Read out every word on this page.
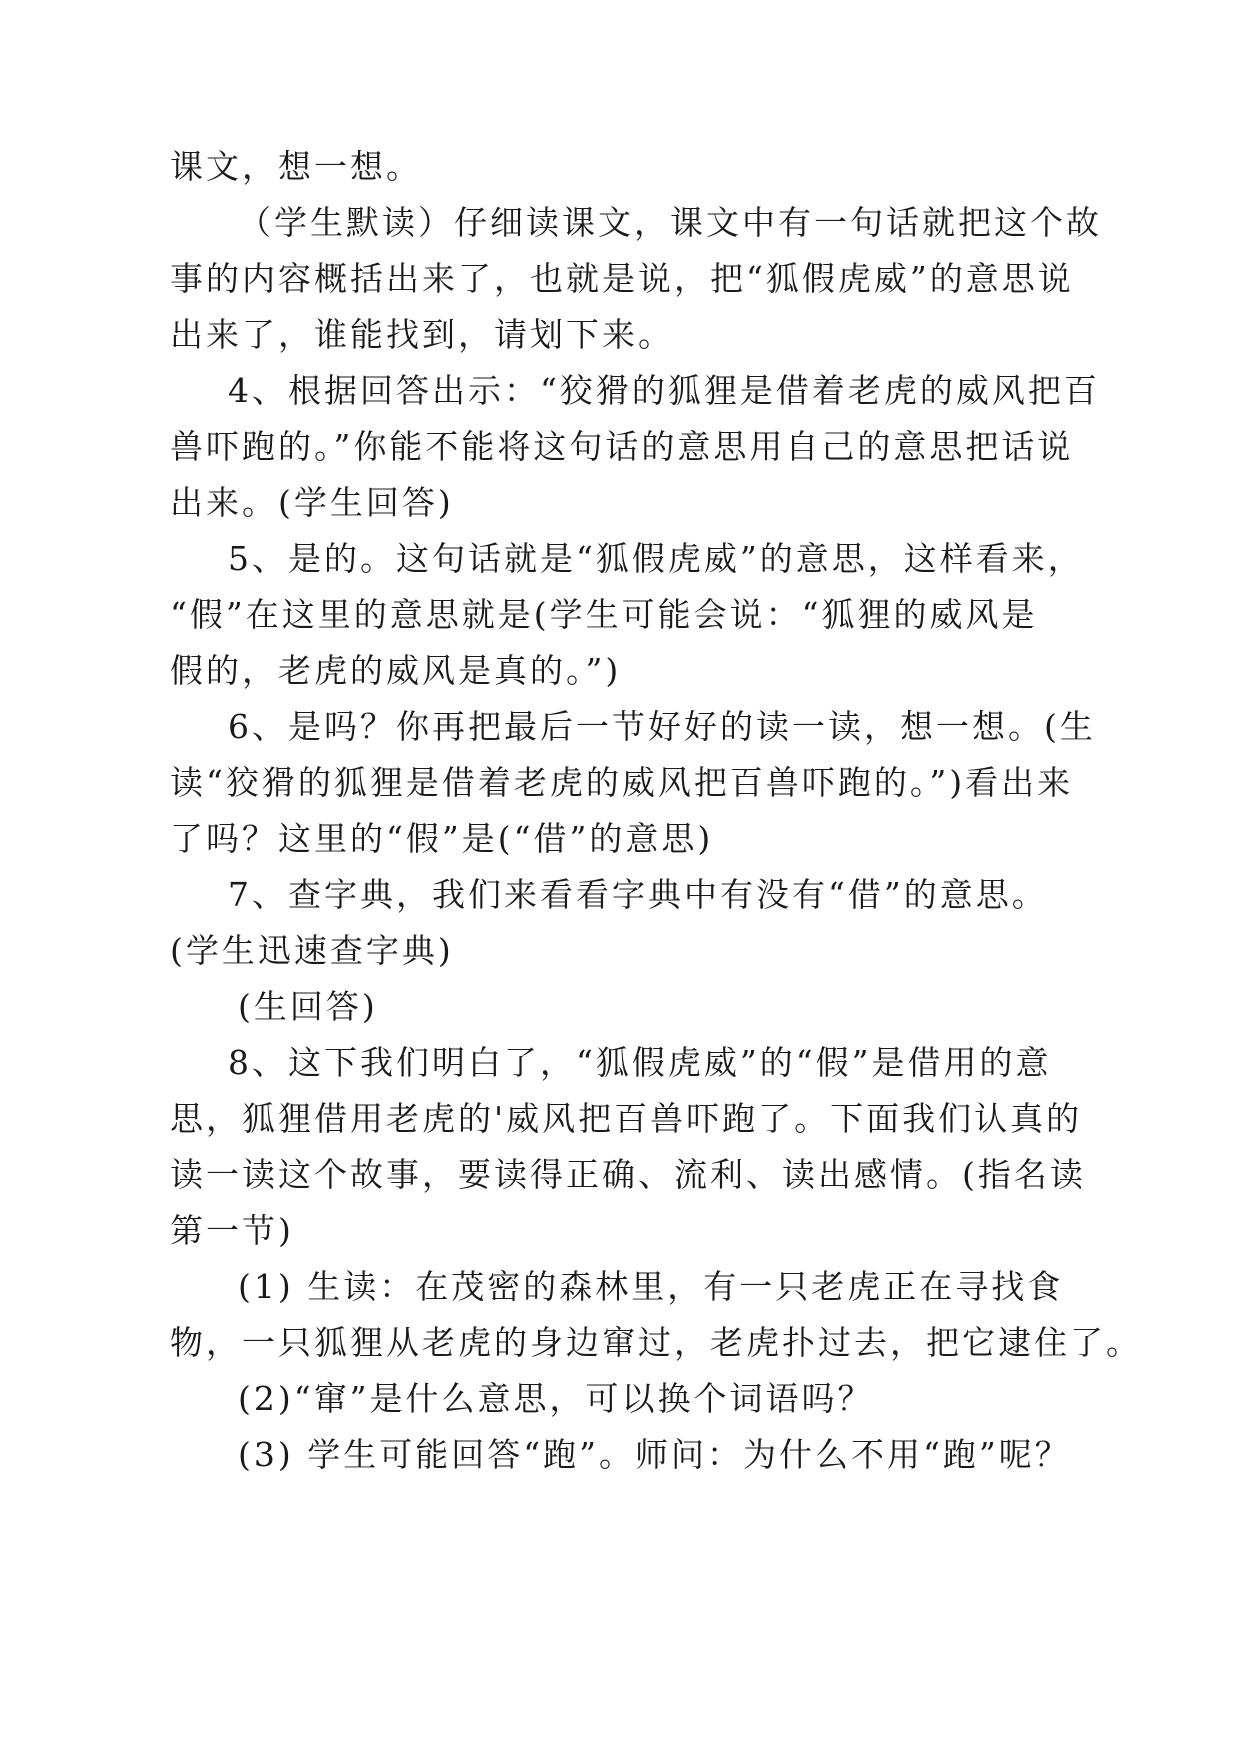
课文，想一想。

（学生默读）仔细读课文，课文中有一句话就把这个故

事的内容概括出来了，也就是说，把“狐假虎威”的意思说

出来了，谁能找到，请划下来。

4、根据回答出示：“狡猾的狐狸是借着老虎的威风把百

兽吓跑的。”你能不能将这句话的意思用自己的意思把话说

出来。(学生回答)

5、是的。这句话就是“狐假虎威”的意思，这样看来，

“假”在这里的意思就是(学生可能会说：“狐狸的威风是

假的，老虎的威风是真的。”)

6、是吗？你再把最后一节好好的读一读，想一想。(生

读“狡猾的狐狸是借着老虎的威风把百兽吓跑的。”)看出来

了吗？这里的“假”是(“借”的意思)

7、查字典，我们来看看字典中有没有“借”的意思。

(学生迅速查字典)

(生回答)

8、这下我们明白了，“狐假虎威”的“假”是借用的意

思，狐狸借用老虎的'威风把百兽吓跑了。下面我们认真的

读一读这个故事，要读得正确、流利、读出感情。(指名读

第一节)

(1) 生读：在茂密的森林里，有一只老虎正在寻找食

物，一只狐狸从老虎的身边窜过，老虎扑过去，把它逮住了。

(2)“窜”是什么意思，可以换个词语吗？

(3) 学生可能回答“跑”。师问：为什么不用“跑”呢？
